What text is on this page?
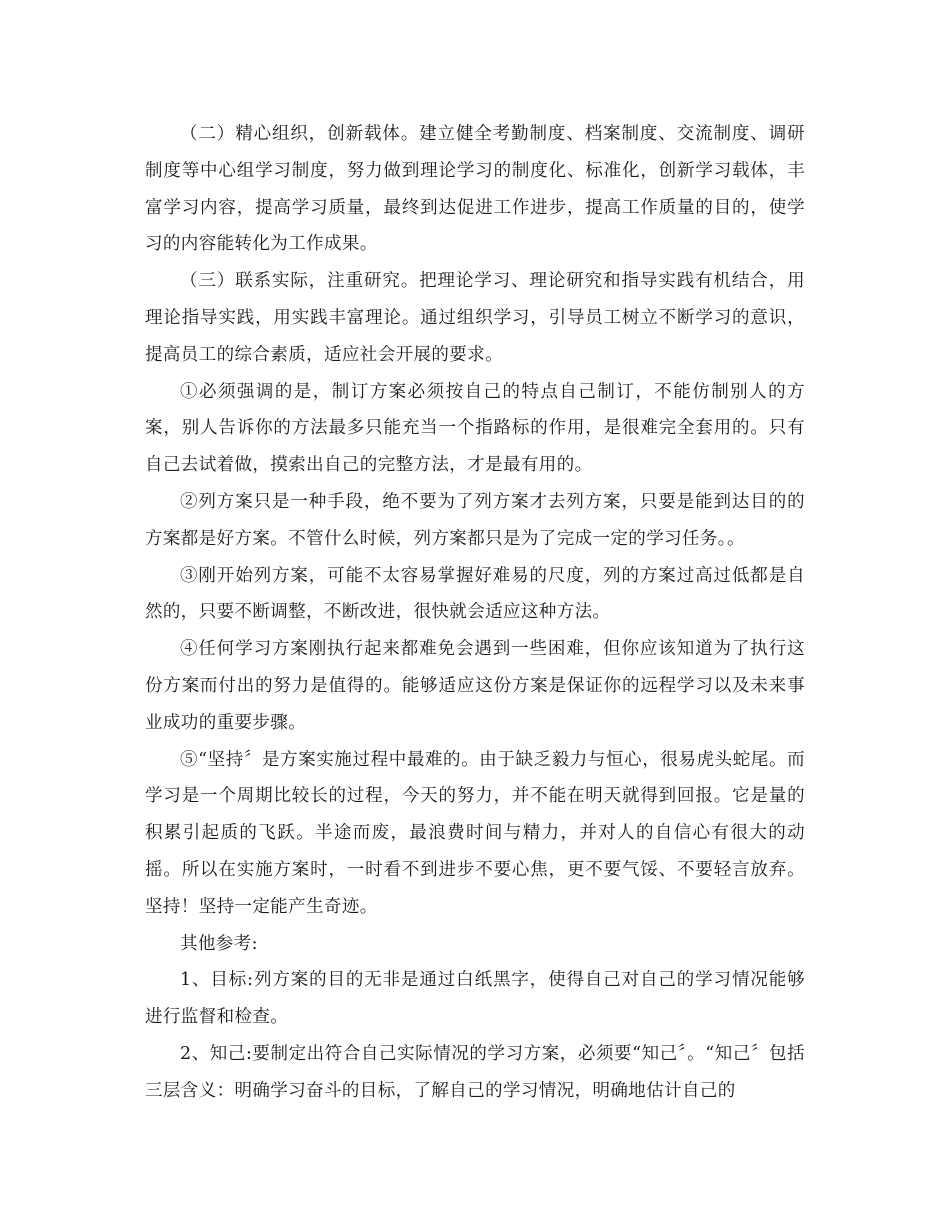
（二）精心组织，创新载体。建立健全考勤制度、档案制度、交流制度、调研制度等中心组学习制度，努力做到理论学习的制度化、标准化，创新学习载体，丰富学习内容，提高学习质量，最终到达促进工作进步，提高工作质量的目的，使学习的内容能转化为工作成果。

（三）联系实际，注重研究。把理论学习、理论研究和指导实践有机结合，用理论指导实践，用实践丰富理论。通过组织学习，引导员工树立不断学习的意识，提高员工的综合素质，适应社会开展的要求。

①必须强调的是，制订方案必须按自己的特点自己制订，不能仿制别人的方案，别人告诉你的方法最多只能充当一个指路标的作用，是很难完全套用的。只有自己去试着做，摸索出自己的完整方法，才是最有用的。

②列方案只是一种手段，绝不要为了列方案才去列方案，只要是能到达目的的方案都是好方案。不管什么时候，列方案都只是为了完成一定的学习任务。。

③刚开始列方案，可能不太容易掌握好难易的尺度，列的方案过高过低都是自然的，只要不断调整，不断改进，很快就会适应这种方法。

④任何学习方案刚执行起来都难免会遇到一些困难，但你应该知道为了执行这份方案而付出的努力是值得的。能够适应这份方案是保证你的远程学习以及未来事业成功的重要步骤。

⑤“坚持〞是方案实施过程中最难的。由于缺乏毅力与恒心，很易虎头蛇尾。而学习是一个周期比较长的过程，今天的努力，并不能在明天就得到回报。它是量的积累引起质的飞跃。半途而废，最浪费时间与精力，并对人的自信心有很大的动摇。所以在实施方案时，一时看不到进步不要心焦，更不要气馁、不要轻言放弃。坚持！坚持一定能产生奇迹。

其他参考:

1、目标:列方案的目的无非是通过白纸黑字，使得自己对自己的学习情况能够进行监督和检查。

2、知己:要制定出符合自己实际情况的学习方案，必须要“知己〞。“知己〞包括三层含义：明确学习奋斗的目标，了解自己的学习情况，明确地估计自己的
